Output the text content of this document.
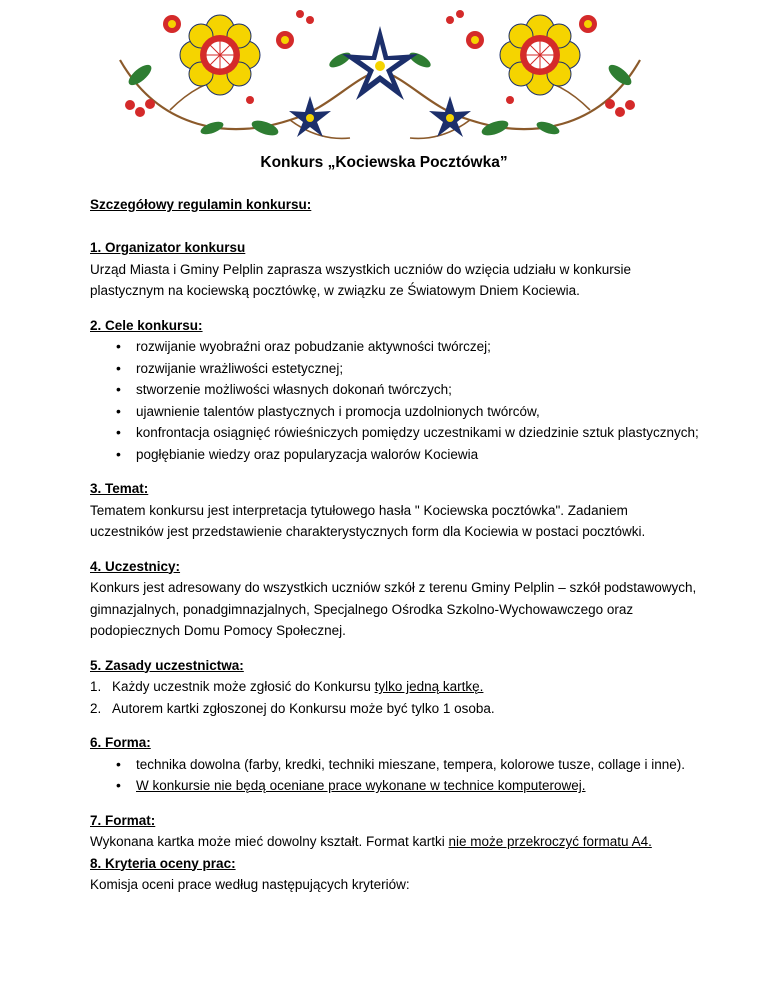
Konkurs „Kociewska Pocztówka”

Szczegółowy regulamin konkursu:

1. Organizator konkursu

Urząd Miasta i Gminy Pelplin zaprasza wszystkich uczniów do wzięcia udziału w konkursie plastycznym na kociewską pocztówkę, w związku ze Światowym Dniem Kociewia.

2. Cele konkursu:

• rozwijanie wyobraźni oraz pobudzanie aktywności twórczej;
• rozwijanie wrażliwości estetycznej;
• stworzenie możliwości własnych dokonań twórczych;
• ujawnienie talentów plastycznych i promocja uzdolnionych twórców,
• konfrontacja osiągnięć rówieśniczych pomiędzy uczestnikami w dziedzinie sztuk plastycznych;
• pogłębianie wiedzy oraz popularyzacja walorów Kociewia

3. Temat:

Tematem konkursu jest interpretacja tytułowego hasła " Kociewska pocztówka". Zadaniem uczestników jest przedstawienie charakterystycznych form dla Kociewia w postaci pocztówki.

4. Uczestnicy:

Konkurs jest adresowany do wszystkich uczniów szkół z terenu Gminy Pelplin – szkół podstawowych, gimnazjalnych, ponadgimnazjalnych, Specjalnego Ośrodka Szkolno-Wychowawczego oraz podopiecznych Domu Pomocy Społecznej.

5. Zasady uczestnictwa:

1. Każdy uczestnik może zgłosić do Konkursu tylko jedną kartkę.
2. Autorem kartki zgłoszonej do Konkursu może być tylko 1 osoba.

6. Forma:

• technika dowolna (farby, kredki, techniki mieszane, tempera, kolorowe tusze, collage i inne).
• W konkursie nie będą oceniane prace wykonane w technice komputerowej.

7. Format:

Wykonana kartka może mieć dowolny kształt. Format kartki nie może przekroczyć formatu A4.

8. Kryteria oceny prac:

Komisja oceni prace według następujących kryteriów:
